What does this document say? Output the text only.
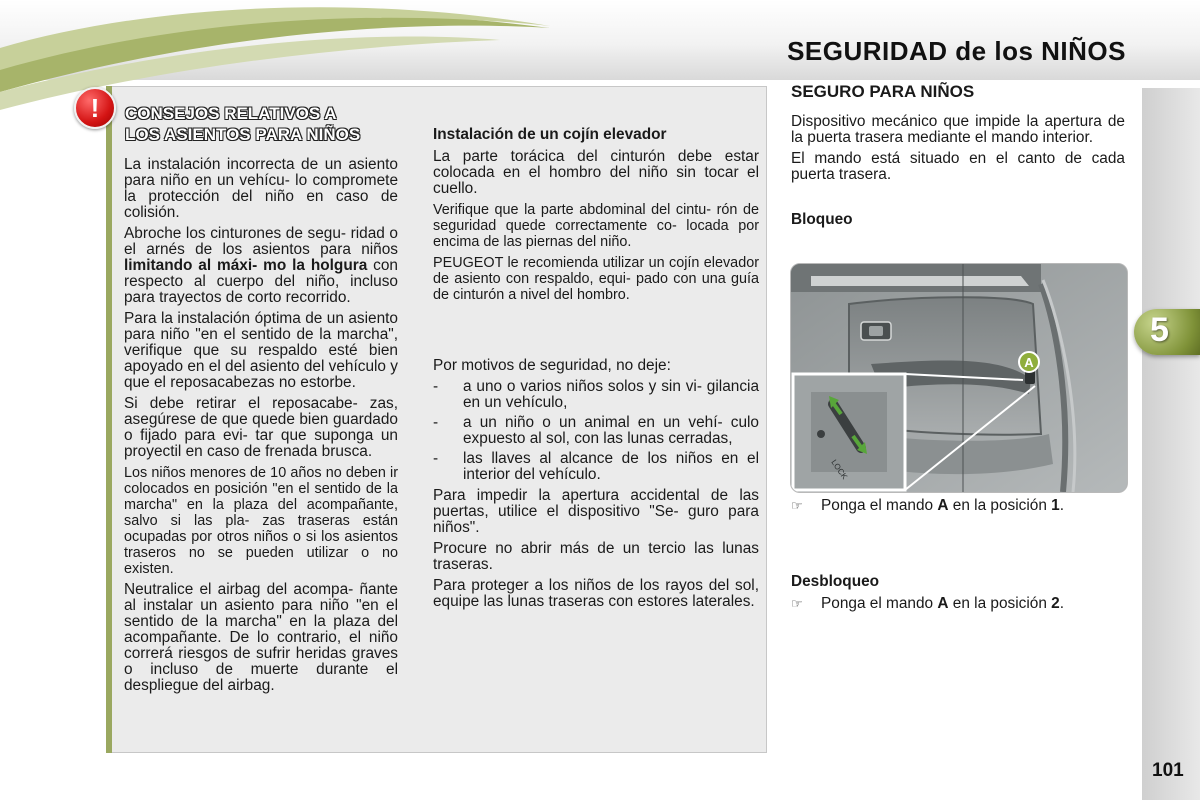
SEGURIDAD de los NIÑOS
5
101
!	CONSEJOS RELATIVOS A
LOS ASIENTOS PARA NIÑOS

La instalación incorrecta de un asiento para niño en un vehícu- lo compromete la protección del niño en caso de colisión.

Abroche los cinturones de segu- ridad o el arnés de los asientos para niños limitando al máxi- mo la holgura con respecto al cuerpo del niño, incluso para trayectos de corto recorrido.

Para la instalación óptima de un asiento para niño "en el sentido de la marcha", verifique que su respaldo esté bien apoyado en el del asiento del vehículo y que el reposacabezas no estorbe.

Si debe retirar el reposacabe- zas, asegúrese de que quede bien guardado o fijado para evi- tar que suponga un proyectil en caso de frenada brusca.

Los niños menores de 10 años no deben ir colocados en posición "en el sentido de la marcha" en la plaza del acompañante, salvo si las pla- zas traseras están ocupadas por otros niños o si los asientos traseros no se pueden utilizar o no existen.

Neutralice el airbag del acompa- ñante al instalar un asiento para niño "en el sentido de la marcha" en la plaza del acompañante. De lo contrario, el niño correrá riesgos de sufrir heridas graves o incluso de muerte durante el despliegue del airbag.

Instalación de un cojín elevador

La parte torácica del cinturón debe estar colocada en el hombro del niño sin tocar el cuello.

Verifique que la parte abdominal del cintu- rón de seguridad quede correctamente co- locada por encima de las piernas del niño.

PEUGEOT le recomienda utilizar un cojín elevador de asiento con respaldo, equi- pado con una guía de cinturón a nivel del hombro.

Por motivos de seguridad, no deje:

- a uno o varios niños solos y sin vi- gilancia en un vehículo,
- a un niño o un animal en un vehí- culo expuesto al sol, con las lunas cerradas,
- las llaves al alcance de los niños en el interior del vehículo.

Para impedir la apertura accidental de las puertas, utilice el dispositivo "Se- guro para niños".

Procure no abrir más de un tercio las lunas traseras.

Para proteger a los niños de los rayos del sol, equipe las lunas traseras con estores laterales.

SEGURO PARA NIÑOS

Dispositivo mecánico que impide la apertura de la puerta trasera mediante el mando interior.

El mando está situado en el canto de cada puerta trasera.

Bloqueo
☞ Ponga el mando A en la posición 1.
Desbloqueo
☞ Ponga el mando A en la posición 2.
A
LOCK
